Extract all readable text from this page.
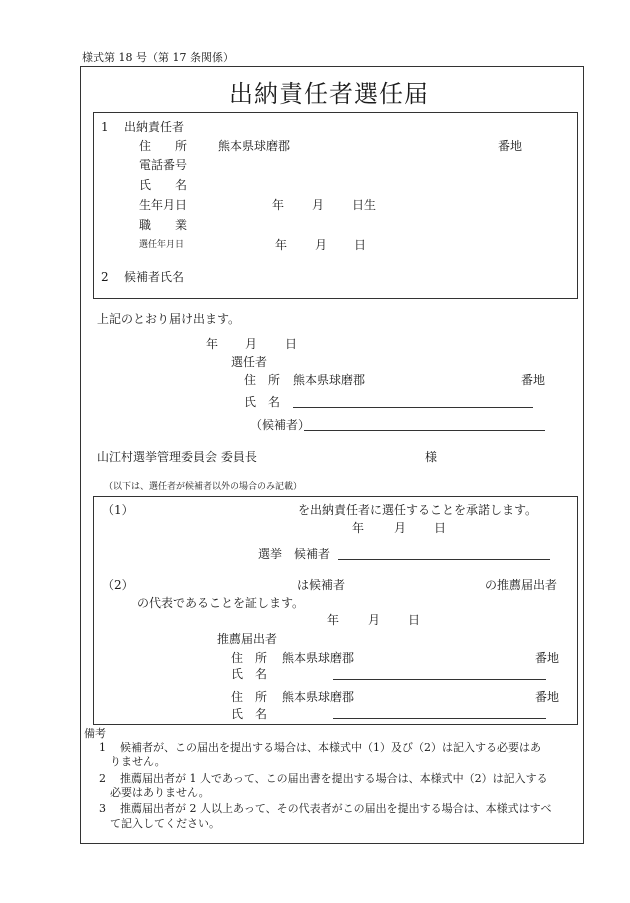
様式第 18 号（第 17 条関係）
出納責任者選任届
1 出納責任者
住　　所	熊本県球磨郡	番地
電話番号
氏　　名
生年月日	年 月 日生
職　　業
選任年月日	年 月 日
2 候補者氏名
上記のとおり届け出ます。
年 月 日
選任者
住　所 熊本県球磨郡	番地
氏　名
（候補者）
山江村選挙管理委員会 委員長	様
（以下は、選任者が候補者以外の場合のみ記載）
（1）	を出納責任者に選任することを承諾します。
年 月 日
選挙　候補者
（2）	は候補者	の推薦届出者
の代表であることを証します。
年 月 日
推薦届出者
住　所 熊本県球磨郡	番地
氏　名
住　所 熊本県球磨郡	番地
氏　名
備考
1 候補者が、この届出を提出する場合は、本様式中（1）及び（2）は記入する必要はあ
りません。
2 推薦届出者が 1 人であって、この届出書を提出する場合は、本様式中（2）は記入する
必要はありません。
3 推薦届出者が 2 人以上あって、その代表者がこの届出を提出する場合は、本様式はすべ
て記入してください。
